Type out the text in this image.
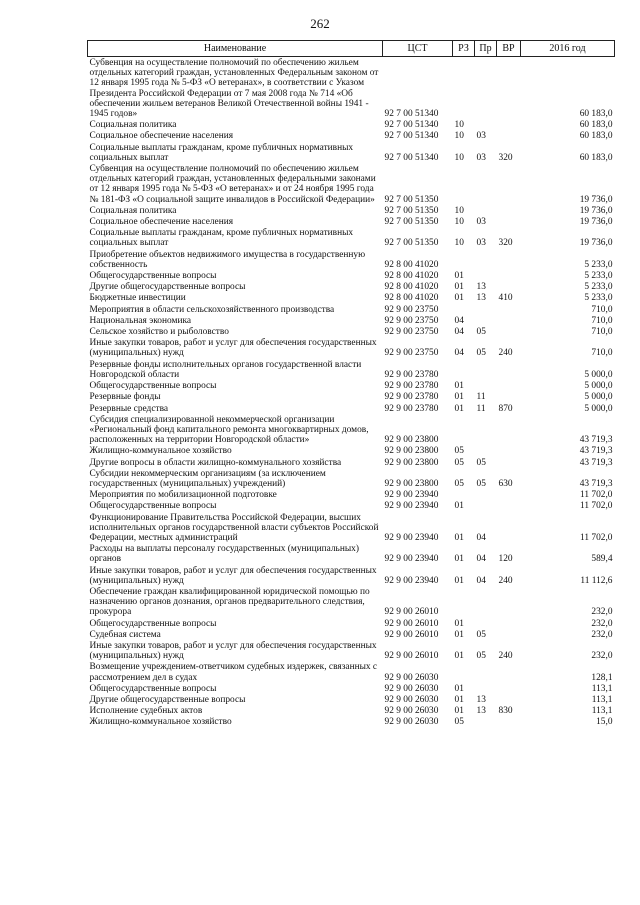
262
Наименование	ЦСТ	РЗ	Пр	ВР	2016 год
Субвенция на осуществление полномочий по обеспечению жильем отдельных категорий граждан, установленных Федеральным законом от 12 января 1995 года № 5-ФЗ «О ветеранах», в соответствии с Указом Президента Российской Федерации от 7 мая 2008 года № 714 «Об обеспечении жильем ветеранов Великой Отечественной войны 1941 - 1945 годов»	92 7 00 51340				60 183,0
Социальная политика	92 7 00 51340	10			60 183,0
Социальное обеспечение населения	92 7 00 51340	10	03		60 183,0
Социальные выплаты гражданам, кроме публичных нормативных социальных выплат	92 7 00 51340	10	03	320	60 183,0
Субвенция на осуществление полномочий по обеспечению жильем отдельных категорий граждан, установленных федеральными законами от 12 января 1995 года № 5-ФЗ «О ветеранах» и от 24 ноября 1995 года № 181-ФЗ «О социальной защите инвалидов в Российской Федерации»	92 7 00 51350				19 736,0
Социальная политика	92 7 00 51350	10			19 736,0
Социальное обеспечение населения	92 7 00 51350	10	03		19 736,0
Социальные выплаты гражданам, кроме публичных нормативных социальных выплат	92 7 00 51350	10	03	320	19 736,0
Приобретение объектов недвижимого имущества в государственную собственность	92 8 00 41020				5 233,0
Общегосударственные вопросы	92 8 00 41020	01			5 233,0
Другие общегосударственные вопросы	92 8 00 41020	01	13		5 233,0
Бюджетные инвестиции	92 8 00 41020	01	13	410	5 233,0
Мероприятия в области сельскохозяйственного производства	92 9 00 23750				710,0
Национальная экономика	92 9 00 23750	04			710,0
Сельское хозяйство и рыболовство	92 9 00 23750	04	05		710,0
Иные закупки товаров, работ и услуг для обеспечения государственных (муниципальных) нужд	92 9 00 23750	04	05	240	710,0
Резервные фонды исполнительных органов государственной власти Новгородской области	92 9 00 23780				5 000,0
Общегосударственные вопросы	92 9 00 23780	01			5 000,0
Резервные фонды	92 9 00 23780	01	11		5 000,0
Резервные средства	92 9 00 23780	01	11	870	5 000,0
Субсидия специализированной некоммерческой организации «Региональный фонд капитального ремонта многоквартирных домов, расположенных на территории Новгородской области»	92 9 00 23800				43 719,3
Жилищно-коммунальное хозяйство	92 9 00 23800	05			43 719,3
Другие вопросы в области жилищно-коммунального хозяйства	92 9 00 23800	05	05		43 719,3
Субсидии некоммерческим организациям (за исключением государственных (муниципальных) учреждений)	92 9 00 23800	05	05	630	43 719,3
Мероприятия по мобилизационной подготовке	92 9 00 23940				11 702,0
Общегосударственные вопросы	92 9 00 23940	01			11 702,0
Функционирование Правительства Российской Федерации, высших исполнительных органов государственной власти субъектов Российской Федерации, местных администраций	92 9 00 23940	01	04		11 702,0
Расходы на выплаты персоналу государственных (муниципальных) органов	92 9 00 23940	01	04	120	589,4
Иные закупки товаров, работ и услуг для обеспечения государственных (муниципальных) нужд	92 9 00 23940	01	04	240	11 112,6
Обеспечение граждан квалифицированной юридической помощью по назначению органов дознания, органов предварительного следствия, прокурора	92 9 00 26010				232,0
Общегосударственные вопросы	92 9 00 26010	01			232,0
Судебная система	92 9 00 26010	01	05		232,0
Иные закупки товаров, работ и услуг для обеспечения государственных (муниципальных) нужд	92 9 00 26010	01	05	240	232,0
Возмещение учреждением-ответчиком судебных издержек, связанных с рассмотрением дел в судах	92 9 00 26030				128,1
Общегосударственные вопросы	92 9 00 26030	01			113,1
Другие общегосударственные вопросы	92 9 00 26030	01	13		113,1
Исполнение судебных актов	92 9 00 26030	01	13	830	113,1
Жилищно-коммунальное хозяйство	92 9 00 26030	05			15,0
